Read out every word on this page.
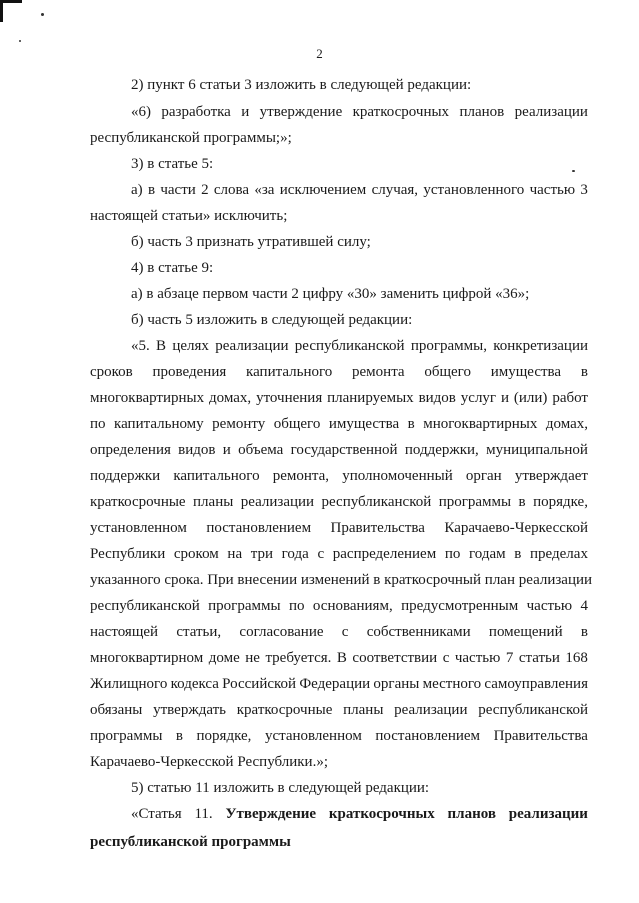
2
2) пункт 6 статьи 3 изложить в следующей редакции:
«6) разработка и утверждение краткосрочных планов реализации
республиканской программы;»;
3) в статье 5:
а) в части 2 слова «за исключением случая, установленного частью 3
настоящей статьи» исключить;
б) часть 3 признать утратившей силу;
4) в статье 9:
а) в абзаце первом части 2 цифру «30» заменить цифрой «36»;
б) часть 5 изложить в следующей редакции:
«5. В целях реализации республиканской программы, конкретизации
сроков проведения капитального ремонта общего имущества в
многоквартирных домах, уточнения планируемых видов услуг и (или) работ
по капитальному ремонту общего имущества в многоквартирных домах,
определения видов и объема государственной поддержки, муниципальной
поддержки капитального ремонта, уполномоченный орган утверждает
краткосрочные планы реализации республиканской программы в порядке,
установленном постановлением Правительства Карачаево-Черкесской
Республики сроком на три года с распределением по годам в пределах
указанного срока. При внесении изменений в краткосрочный план реализации
республиканской программы по основаниям, предусмотренным частью 4
настоящей статьи, согласование с собственниками помещений в
многоквартирном доме не требуется. В соответствии с частью 7 статьи 168
Жилищного кодекса Российской Федерации органы местного самоуправления
обязаны утверждать краткосрочные планы реализации республиканской
программы в порядке, установленном постановлением Правительства
Карачаево-Черкесской Республики.»;
5) статью 11 изложить в следующей редакции:
«Статья 11. Утверждение краткосрочных планов реализации
республиканской программы
